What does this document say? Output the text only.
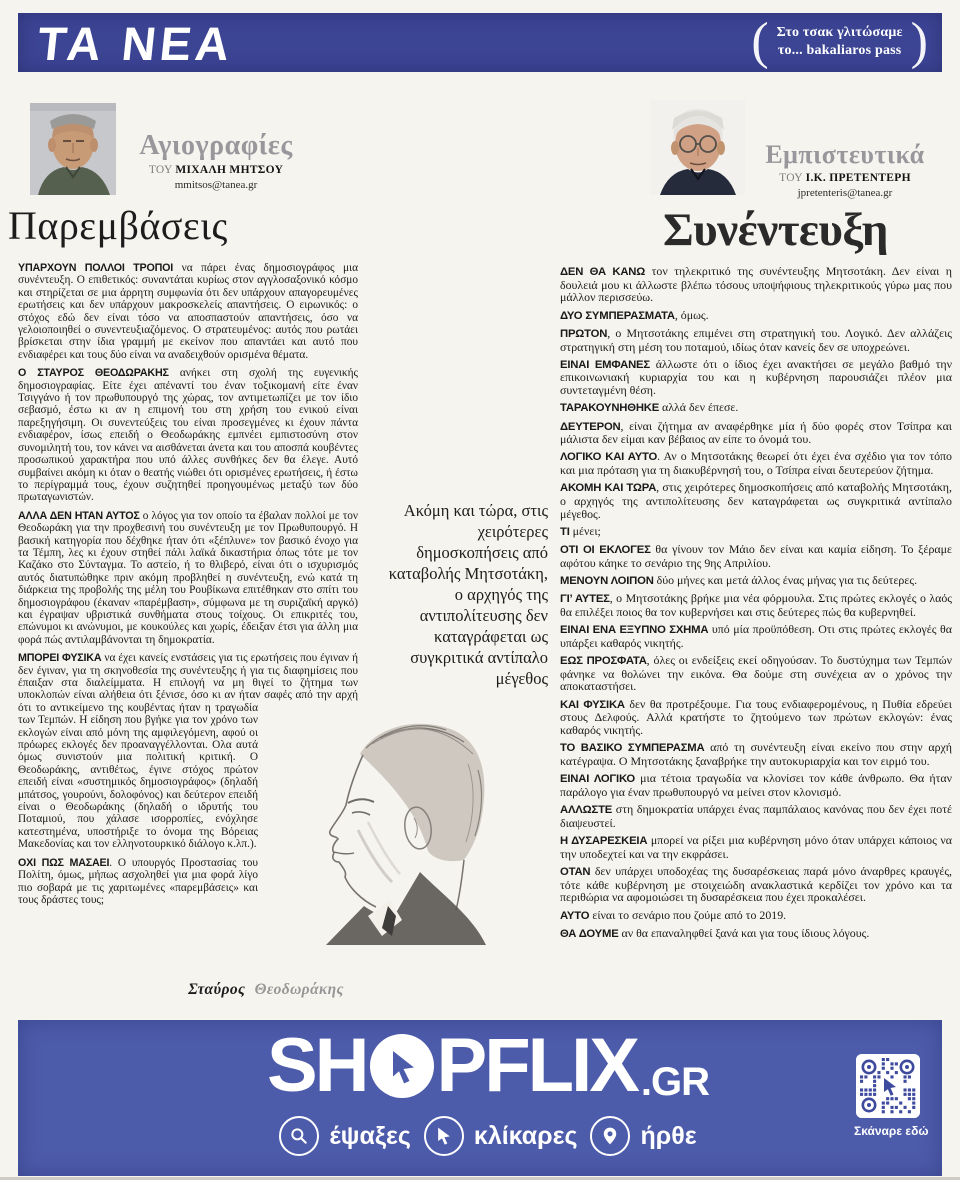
ΤΑ ΝΕΑ	( Στο τσακ γλιτώσαμε
το... bakaliaros pass )
Αγιογραφίες
ΤΟΥ ΜΙΧΑΛΗ ΜΗΤΣΟΥ
mmitsos@tanea.gr
Παρεμβάσεις
Εμπιστευτικά
ΤΟΥ Ι.Κ. ΠΡΕΤΕΝΤΕΡΗ
jpretenteris@tanea.gr
Συνέντευξη

ΥΠΑΡΧΟΥΝ ΠΟΛΛΟΙ ΤΡΟΠΟΙ να πάρει ένας δημοσιογράφος μια συνέντευξη. Ο επιθετικός: συναντάται κυρίως στον αγγλοσαξονικό κόσμο και στηρίζεται σε μια άρρητη συμφωνία ότι δεν υπάρχουν απαγορευμένες ερωτήσεις και δεν υπάρχουν μακροσκελείς απαντήσεις. Ο ειρωνικός: ο στόχος εδώ δεν είναι τόσο να αποσπαστούν απαντήσεις, όσο να γελοιοποιηθεί ο συνεντευξιαζόμενος. Ο στρατευμένος: αυτός που ρωτάει βρίσκεται στην ίδια γραμμή με εκείνον που απαντάει και αυτό που ενδιαφέρει και τους δύο είναι να αναδειχθούν ορισμένα θέματα.

Ο ΣΤΑΥΡΟΣ ΘΕΟΔΩΡΑΚΗΣ ανήκει στη σχολή της ευγενικής δημοσιογραφίας. Είτε έχει απέναντί του έναν τοξικομανή είτε έναν Τσιγγάνο ή τον πρωθυπουργό της χώρας, τον αντιμετωπίζει με τον ίδιο σεβασμό, έστω κι αν η επιμονή του στη χρήση του ενικού είναι παρεξηγήσιμη. Οι συνεντεύξεις του είναι προσεγμένες κι έχουν πάντα ενδιαφέρον, ίσως επειδή ο Θεοδωράκης εμπνέει εμπιστοσύνη στον συνομιλητή του, τον κάνει να αισθάνεται άνετα και του αποσπά κουβέντες προσωπικού χαρακτήρα που υπό άλλες συνθήκες δεν θα έλεγε. Αυτό συμβαίνει ακόμη κι όταν ο θεατής νιώθει ότι ορισμένες ερωτήσεις, ή έστω το περίγραμμά τους, έχουν συζητηθεί προηγουμένως μεταξύ των δύο πρωταγωνιστών.

ΑΛΛΑ ΔΕΝ ΗΤΑΝ ΑΥΤΟΣ ο λόγος για τον οποίο τα έβαλαν πολλοί με τον Θεοδωράκη για την προχθεσινή του συνέντευξη με τον Πρωθυπουργό. Η βασική κατηγορία που δέχθηκε ήταν ότι «ξέπλυνε» τον βασικό ένοχο για τα Τέμπη, λες κι έχουν στηθεί πάλι λαϊκά δικαστήρια όπως τότε με τον Καζάκο στο Σύνταγμα. Το αστείο, ή το θλιβερό, είναι ότι ο ισχυρισμός αυτός διατυπώθηκε πριν ακόμη προβληθεί η συνέντευξη, ενώ κατά τη διάρκεια της προβολής της μέλη του Ρουβίκωνα επιτέθηκαν στο σπίτι του δημοσιογράφου (έκαναν «παρέμβαση», σύμφωνα με τη συριζαϊκή αργκό) και έγραψαν υβριστικά συνθήματα στους τοίχους. Οι επικριτές του, επώνυμοι κι ανώνυμοι, με κουκούλες και χωρίς, έδειξαν έτσι για άλλη μια φορά πώς αντιλαμβάνονται τη δημοκρατία.

ΜΠΟΡΕΙ ΦΥΣΙΚΑ να έχει κανείς ενστάσεις για τις ερωτήσεις που έγιναν ή δεν έγιναν, για τη σκηνοθεσία της συνέντευξης ή για τις διαφημίσεις που έπαιξαν στα διαλείμματα. Η επιλογή να μη θιγεί το ζήτημα των υποκλοπών είναι αλήθεια ότι ξένισε, όσο κι αν ήταν σαφές από την αρχή ότι το αντικείμενο της κουβέντας ήταν η τραγωδία των Τεμπών. Η είδηση που βγήκε για τον χρόνο των εκλογών είναι από μόνη της αμφιλεγόμενη, αφού οι πρόωρες εκλογές δεν προαναγγέλλονται. Ολα αυτά όμως συνιστούν μια πολιτική κριτική. Ο Θεοδωράκης, αντιθέτως, έγινε στόχος πρώτον επειδή είναι «συστημικός δημοσιογράφος» (δηλαδή μπάτσος, γουρούνι, δολοφόνος) και δεύτερον επειδή είναι ο Θεοδωράκης (δηλαδή ο ιδρυτής του Ποταμιού, που χάλασε ισορροπίες, ενόχλησε κατεστημένα, υποστήριξε το όνομα της Βόρειας Μακεδονίας και τον ελληνοτουρκικό διάλογο κ.λπ.).

ΟΧΙ ΠΩΣ ΜΑΣΑΕΙ. Ο υπουργός Προστασίας του Πολίτη, όμως, μήπως ασχοληθεί για μια φορά λίγο πιο σοβαρά με τις χαριτωμένες «παρεμβάσεις» και τους δράστες τους;

Σταύρος Θεοδωράκης
Ακόμη και τώρα, στις χειρότερες δημοσκοπήσεις από καταβολής Μητσοτάκη, ο αρχηγός της αντιπολίτευσης δεν καταγράφεται ως συγκριτικά αντίπαλο μέγεθος

ΔΕΝ ΘΑ ΚΑΝΩ τον τηλεκριτικό της συνέντευξης Μητσοτάκη. Δεν είναι η δουλειά μου κι άλλωστε βλέπω τόσους υποψήφιους τηλεκριτικούς γύρω μας που μάλλον περισσεύω.

ΔΥΟ ΣΥΜΠΕΡΑΣΜΑΤΑ, όμως.

ΠΡΩΤΟΝ, ο Μητσοτάκης επιμένει στη στρατηγική του. Λογικό. Δεν αλλάζεις στρατηγική στη μέση του ποταμού, ιδίως όταν κανείς δεν σε υποχρεώνει.

ΕΙΝΑΙ ΕΜΦΑΝΕΣ άλλωστε ότι ο ίδιος έχει ανακτήσει σε μεγάλο βαθμό την επικοινωνιακή κυριαρχία του και η κυβέρνηση παρουσιάζει πλέον μια συντεταγμένη θέση.

ΤΑΡΑΚΟΥΝΗΘΗΚΕ αλλά δεν έπεσε.

ΔΕΥΤΕΡΟΝ, είναι ζήτημα αν αναφέρθηκε μία ή δύο φορές στον Τσίπρα και μάλιστα δεν είμαι καν βέβαιος αν είπε το όνομά του.

ΛΟΓΙΚΟ ΚΑΙ ΑΥΤΟ. Αν ο Μητσοτάκης θεωρεί ότι έχει ένα σχέδιο για τον τόπο και μια πρόταση για τη διακυβέρνησή του, ο Τσίπρα είναι δευτερεύον ζήτημα.

ΑΚΟΜΗ ΚΑΙ ΤΩΡΑ, στις χειρότερες δημοσκοπήσεις από καταβολής Μητσοτάκη, ο αρχηγός της αντιπολίτευσης δεν καταγράφεται ως συγκριτικά αντίπαλο μέγεθος.

ΤΙ μένει;

ΟΤΙ ΟΙ ΕΚΛΟΓΕΣ θα γίνουν τον Μάιο δεν είναι και καμία είδηση. Το ξέραμε αφότου κάηκε το σενάριο της 9ης Απριλίου.

ΜΕΝΟΥΝ ΛΟΙΠΟΝ δύο μήνες και μετά άλλος ένας μήνας για τις δεύτερες.

ΓΙ’ ΑΥΤΕΣ, ο Μητσοτάκης βρήκε μια νέα φόρμουλα. Στις πρώτες εκλογές ο λαός θα επιλέξει ποιος θα τον κυβερνήσει και στις δεύτερες πώς θα κυβερνηθεί.

ΕΙΝΑΙ ΕΝΑ ΕΞΥΠΝΟ ΣΧΗΜΑ υπό μία προϋπόθεση. Οτι στις πρώτες εκλογές θα υπάρξει καθαρός νικητής.

ΕΩΣ ΠΡΟΣΦΑΤΑ, όλες οι ενδείξεις εκεί οδηγούσαν. Το δυστύχημα των Τεμπών φάνηκε να θολώνει την εικόνα. Θα δούμε στη συνέχεια αν ο χρόνος την αποκαταστήσει.

ΚΑΙ ΦΥΣΙΚΑ δεν θα προτρέξουμε. Για τους ενδιαφερομένους, η Πυθία εδρεύει στους Δελφούς. Αλλά κρατήστε το ζητούμενο των πρώτων εκλογών: ένας καθαρός νικητής.

ΤΟ ΒΑΣΙΚΟ ΣΥΜΠΕΡΑΣΜΑ από τη συνέντευξη είναι εκείνο που στην αρχή κατέγραψα. Ο Μητσοτάκης ξαναβρήκε την αυτοκυριαρχία και τον ειρμό του.

ΕΙΝΑΙ ΛΟΓΙΚΟ μια τέτοια τραγωδία να κλονίσει τον κάθε άνθρωπο. Θα ήταν παράλογο για έναν πρωθυπουργό να μείνει στον κλονισμό.

ΑΛΛΩΣΤΕ στη δημοκρατία υπάρχει ένας παμπάλαιος κανόνας που δεν έχει ποτέ διαψευστεί.

Η ΔΥΣΑΡΕΣΚΕΙΑ μπορεί να ρίξει μια κυβέρνηση μόνο όταν υπάρχει κάποιος να την υποδεχτεί και να την εκφράσει.

ΟΤΑΝ δεν υπάρχει υποδοχέας της δυσαρέσκειας παρά μόνο άναρθρες κραυγές, τότε κάθε κυβέρνηση με στοιχειώδη ανακλαστικά κερδίζει τον χρόνο και τα περιθώρια να αφομοιώσει τη δυσαρέσκεια που έχει προκαλέσει.

ΑΥΤΟ είναι το σενάριο που ζούμε από το 2019.

ΘΑ ΔΟΥΜΕ αν θα επαναληφθεί ξανά και για τους ίδιους λόγους.

SH PFLIX .GR
έψαξες	κλίκαρες	ήρθε	Σκάναρε εδώ
